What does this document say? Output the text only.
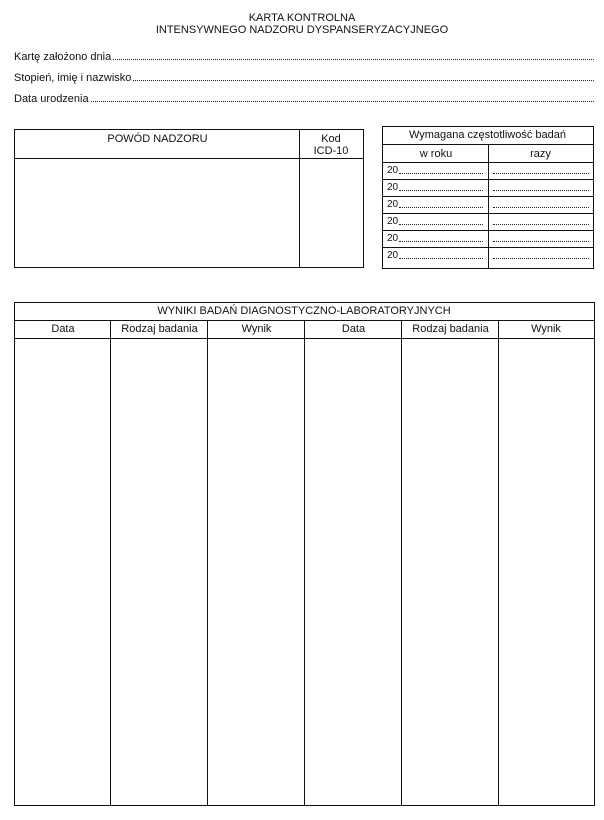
KARTA KONTROLNA
INTENSYWNEGO NADZORU DYSPANSERYZACYJNEGO
Kartę założono dnia
Stopień, imię i nazwisko
Data urodzenia
POWÓD NADZORU	Kod
ICD-10
Wymagana częstotliwość badań
w roku	razy
20
20
20
20
20
20
WYNIKI BADAŃ DIAGNOSTYCZNO-LABORATORYJNYCH
Data	Rodzaj badania	Wynik	Data	Rodzaj badania	Wynik
